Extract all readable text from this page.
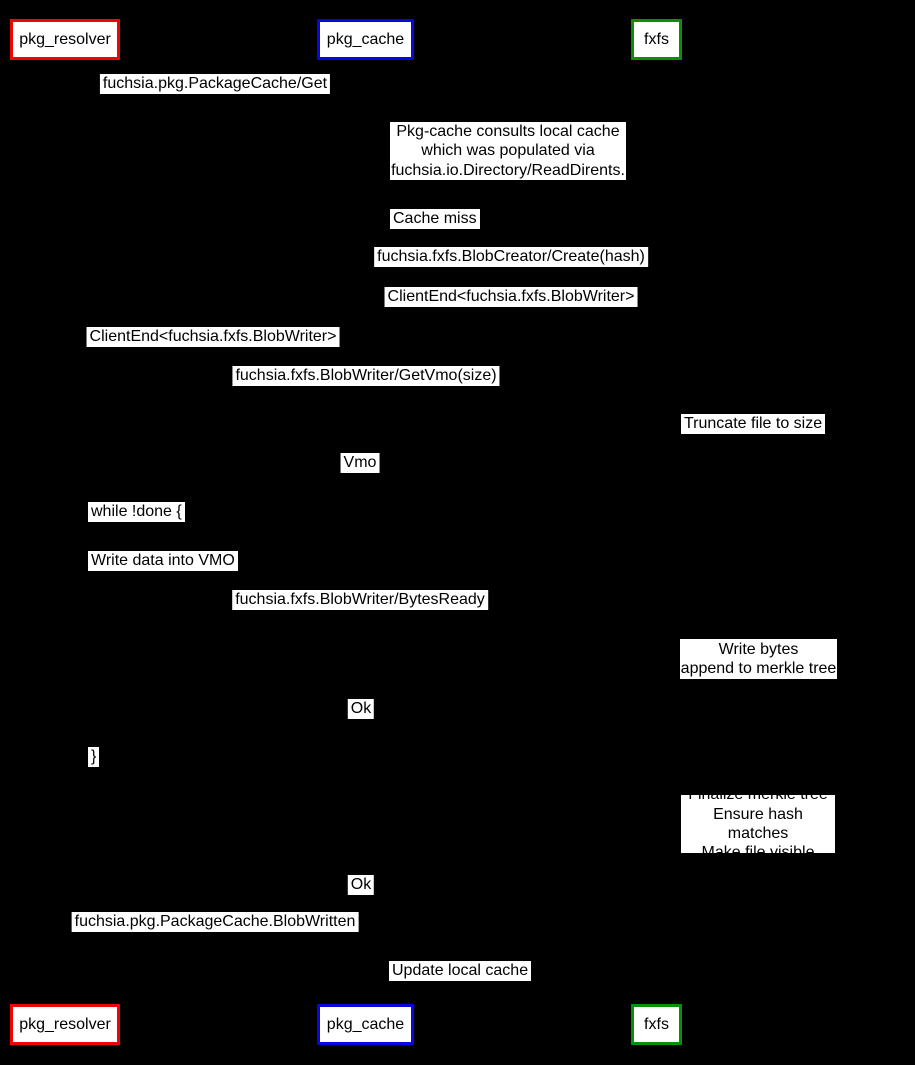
pkg_resolver	pkg_cache	fxfs
fuchsia.pkg.PackageCache/Get
fuchsia.fxfs.BlobCreator/Create(hash)
ClientEnd<fuchsia.fxfs.BlobWriter>
ClientEnd<fuchsia.fxfs.BlobWriter>
fuchsia.fxfs.BlobWriter/GetVmo(size)
Vmo
fuchsia.fxfs.BlobWriter/BytesReady
Ok
Ok
fuchsia.pkg.PackageCache.BlobWritten
Pkg-cache consults local cache
which was populated via
fuchsia.io.Directory/ReadDirents.
Cache miss
Truncate file to size
while !done {
Write data into VMO
Write bytes
append to merkle tree
}
Finalize merkle tree
Ensure hash matches
Make file visible
Update local cache
pkg_resolver	pkg_cache	fxfs
